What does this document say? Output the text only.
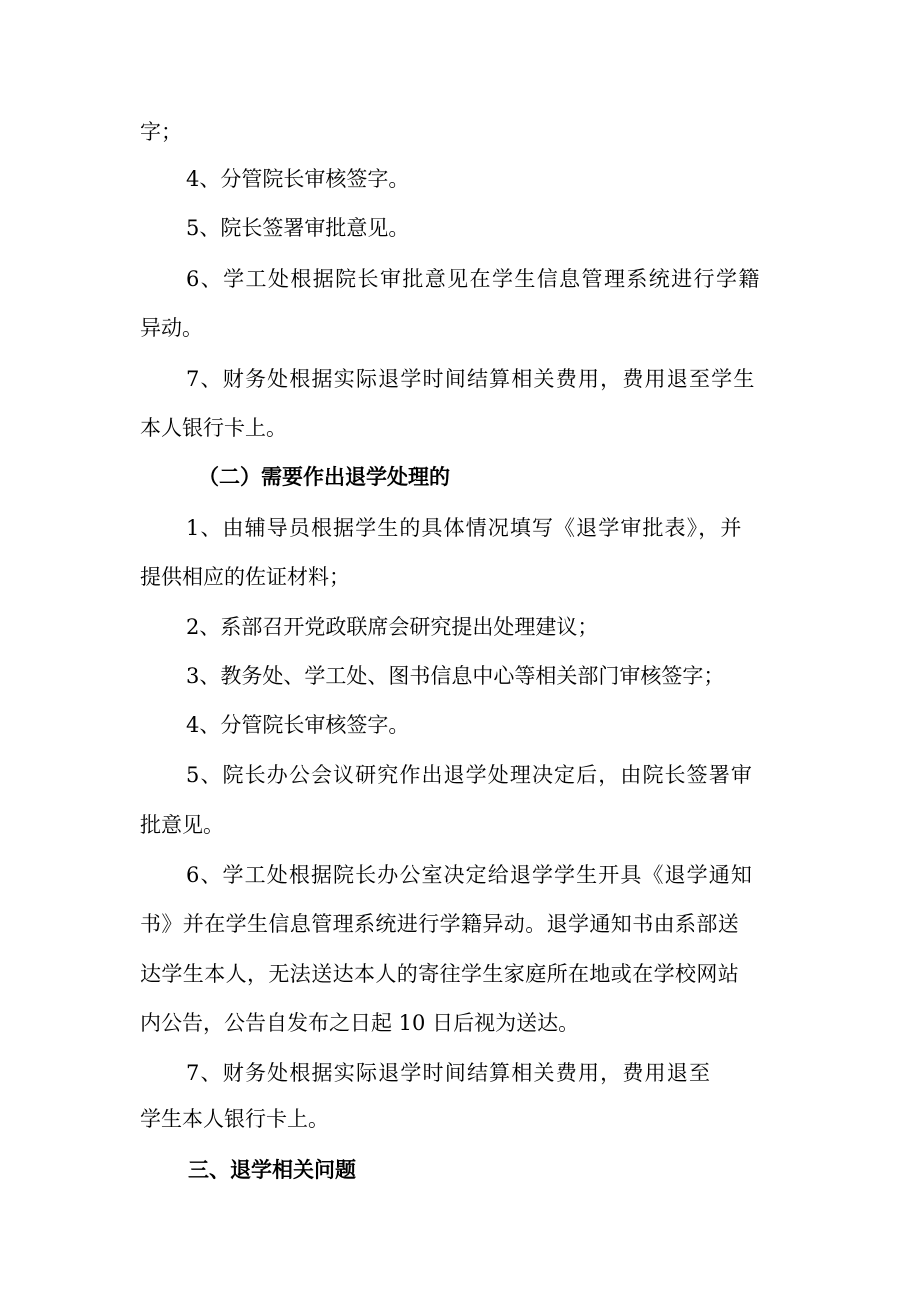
字；
4、分管院长审核签字。
5、院长签署审批意见。
6、学工处根据院长审批意见在学生信息管理系统进行学籍
异动。
7、财务处根据实际退学时间结算相关费用，费用退至学生
本人银行卡上。
（二）需要作出退学处理的
1、由辅导员根据学生的具体情况填写《退学审批表》，并
提供相应的佐证材料；
2、系部召开党政联席会研究提出处理建议；
3、教务处、学工处、图书信息中心等相关部门审核签字；
4、分管院长审核签字。
5、院长办公会议研究作出退学处理决定后，由院长签署审
批意见。
6、学工处根据院长办公室决定给退学学生开具《退学通知
书》并在学生信息管理系统进行学籍异动。退学通知书由系部送
达学生本人，无法送达本人的寄往学生家庭所在地或在学校网站
内公告，公告自发布之日起 10 日后视为送达。
7、财务处根据实际退学时间结算相关费用，费用退至
学生本人银行卡上。
三、退学相关问题
